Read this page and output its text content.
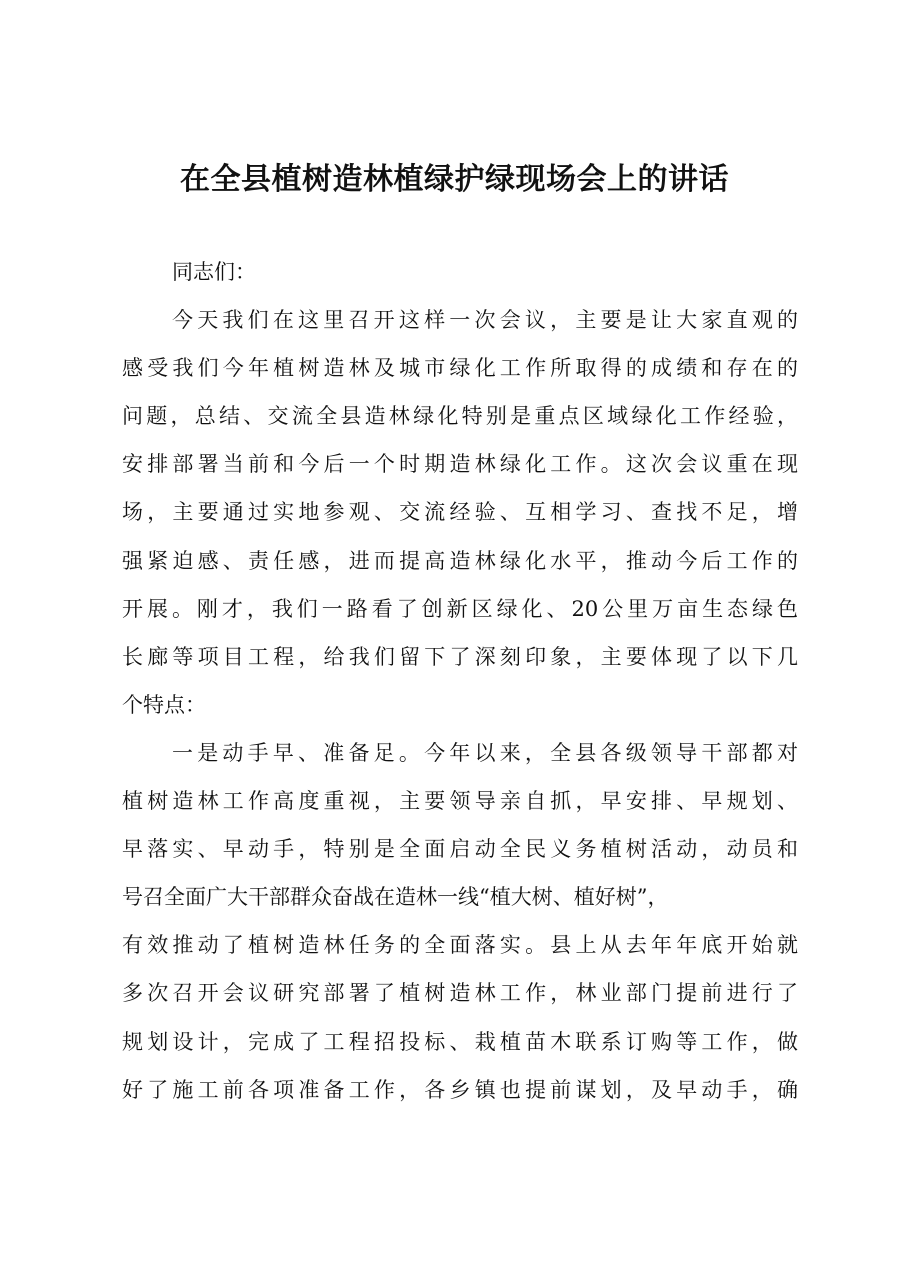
在全县植树造林植绿护绿现场会上的讲话
同志们：
今天我们在这里召开这样一次会议，主要是让大家直观的
感受我们今年植树造林及城市绿化工作所取得的成绩和存在的
问题，总结、交流全县造林绿化特别是重点区域绿化工作经验，
安排部署当前和今后一个时期造林绿化工作。这次会议重在现
场，主要通过实地参观、交流经验、互相学习、查找不足，增
强紧迫感、责任感，进而提高造林绿化水平，推动今后工作的
开展。刚才，我们一路看了创新区绿化、20公里万亩生态绿色
长廊等项目工程，给我们留下了深刻印象，主要体现了以下几
个特点：
一是动手早、准备足。今年以来，全县各级领导干部都对
植树造林工作高度重视，主要领导亲自抓，早安排、早规划、
早落实、早动手，特别是全面启动全民义务植树活动，动员和
号召全面广大干部群众奋战在造林一线“植大树、植好树”，
有效推动了植树造林任务的全面落实。县上从去年年底开始就
多次召开会议研究部署了植树造林工作，林业部门提前进行了
规划设计，完成了工程招投标、栽植苗木联系订购等工作，做
好了施工前各项准备工作，各乡镇也提前谋划，及早动手，确
